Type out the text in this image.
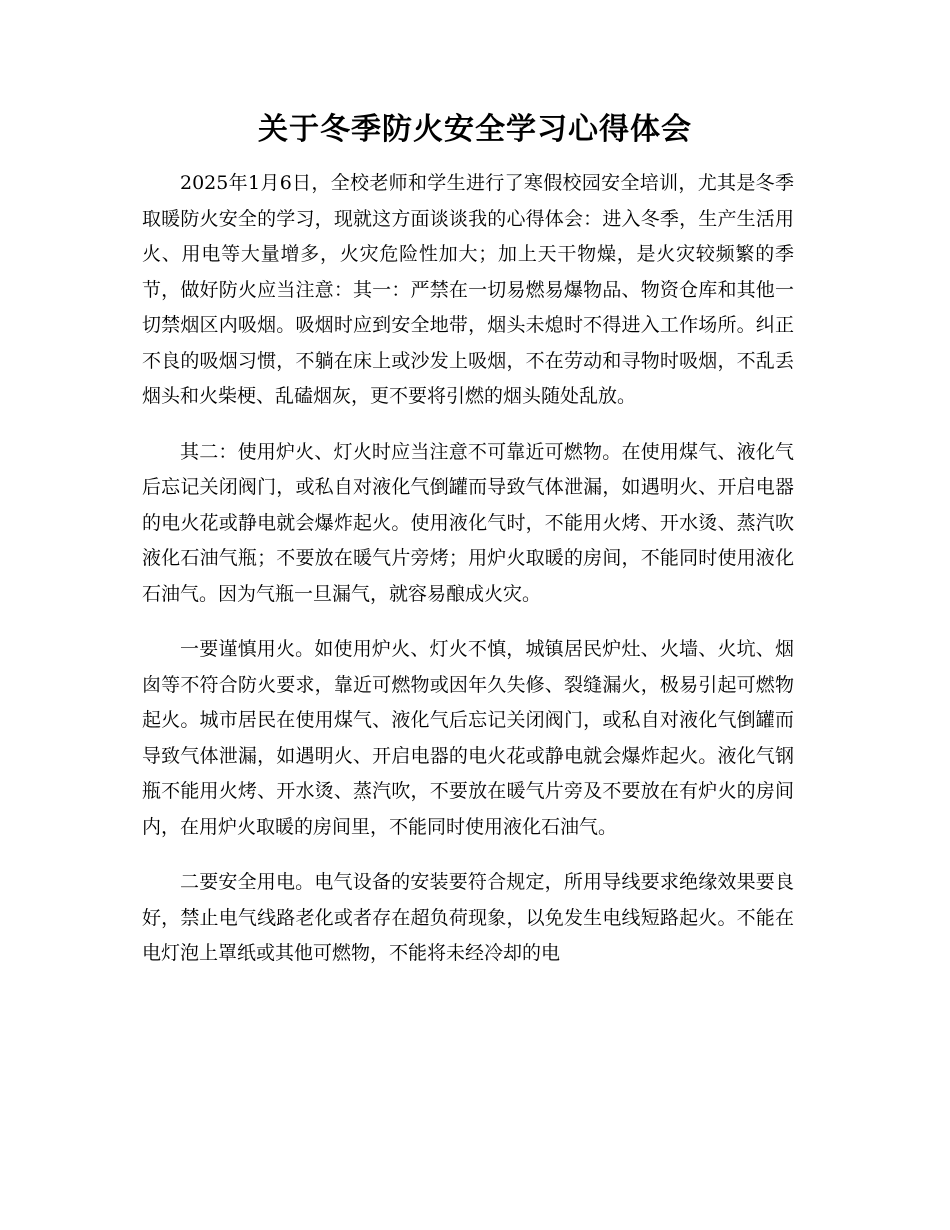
关于冬季防火安全学习心得体会

2025年1月6日，全校老师和学生进行了寒假校园安全培训，尤其是冬季取暖防火安全的学习，现就这方面谈谈我的心得体会：进入冬季，生产生活用火、用电等大量增多，火灾危险性加大；加上天干物燥，是火灾较频繁的季节，做好防火应当注意：其一：严禁在一切易燃易爆物品、物资仓库和其他一切禁烟区内吸烟。吸烟时应到安全地带，烟头未熄时不得进入工作场所。纠正不良的吸烟习惯，不躺在床上或沙发上吸烟，不在劳动和寻物时吸烟，不乱丢烟头和火柴梗、乱磕烟灰，更不要将引燃的烟头随处乱放。

其二：使用炉火、灯火时应当注意不可靠近可燃物。在使用煤气、液化气后忘记关闭阀门，或私自对液化气倒罐而导致气体泄漏，如遇明火、开启电器的电火花或静电就会爆炸起火。使用液化气时，不能用火烤、开水烫、蒸汽吹液化石油气瓶；不要放在暖气片旁烤；用炉火取暖的房间，不能同时使用液化石油气。因为气瓶一旦漏气，就容易酿成火灾。

一要谨慎用火。如使用炉火、灯火不慎，城镇居民炉灶、火墙、火坑、烟囱等不符合防火要求，靠近可燃物或因年久失修、裂缝漏火，极易引起可燃物起火。城市居民在使用煤气、液化气后忘记关闭阀门，或私自对液化气倒罐而导致气体泄漏，如遇明火、开启电器的电火花或静电就会爆炸起火。液化气钢瓶不能用火烤、开水烫、蒸汽吹，不要放在暖气片旁及不要放在有炉火的房间内，在用炉火取暖的房间里，不能同时使用液化石油气。

二要安全用电。电气设备的安装要符合规定，所用导线要求绝缘效果要良好，禁止电气线路老化或者存在超负荷现象，以免发生电线短路起火。不能在电灯泡上罩纸或其他可燃物，不能将未经冷却的电
